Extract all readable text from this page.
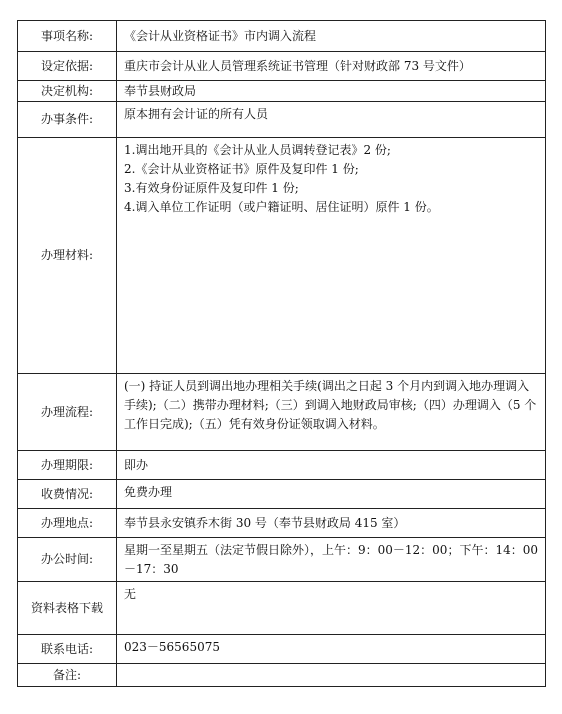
事项名称:	《会计从业资格证书》市内调入流程
设定依据:	重庆市会计从业人员管理系统证书管理（针对财政部 73 号文件）
决定机构:	奉节县财政局
办事条件:	原本拥有会计证的所有人员
办理材料:	1.调出地开具的《会计从业人员调转登记表》2 份;
2.《会计从业资格证书》原件及复印件 1 份;
3.有效身份证原件及复印件 1 份;
4.调入单位工作证明（或户籍证明、居住证明）原件 1 份。

办理流程:	(一) 持证人员到调出地办理相关手续(调出之日起 3 个月内到调入地办理调入手续);（二）携带办理材料;（三）到调入地财政局审核;（四）办理调入（5 个工作日完成);（五）凭有效身份证领取调入材料。

办理期限:	即办
收费情况:	免费办理
办理地点:	奉节县永安镇乔木街 30 号（奉节县财政局 415 室）
办公时间:	星期一至星期五（法定节假日除外），上午：9：00－12：00；下午：14：00－17：30

资料表格下载	无
联系电话:	023－56565075
备注:	
